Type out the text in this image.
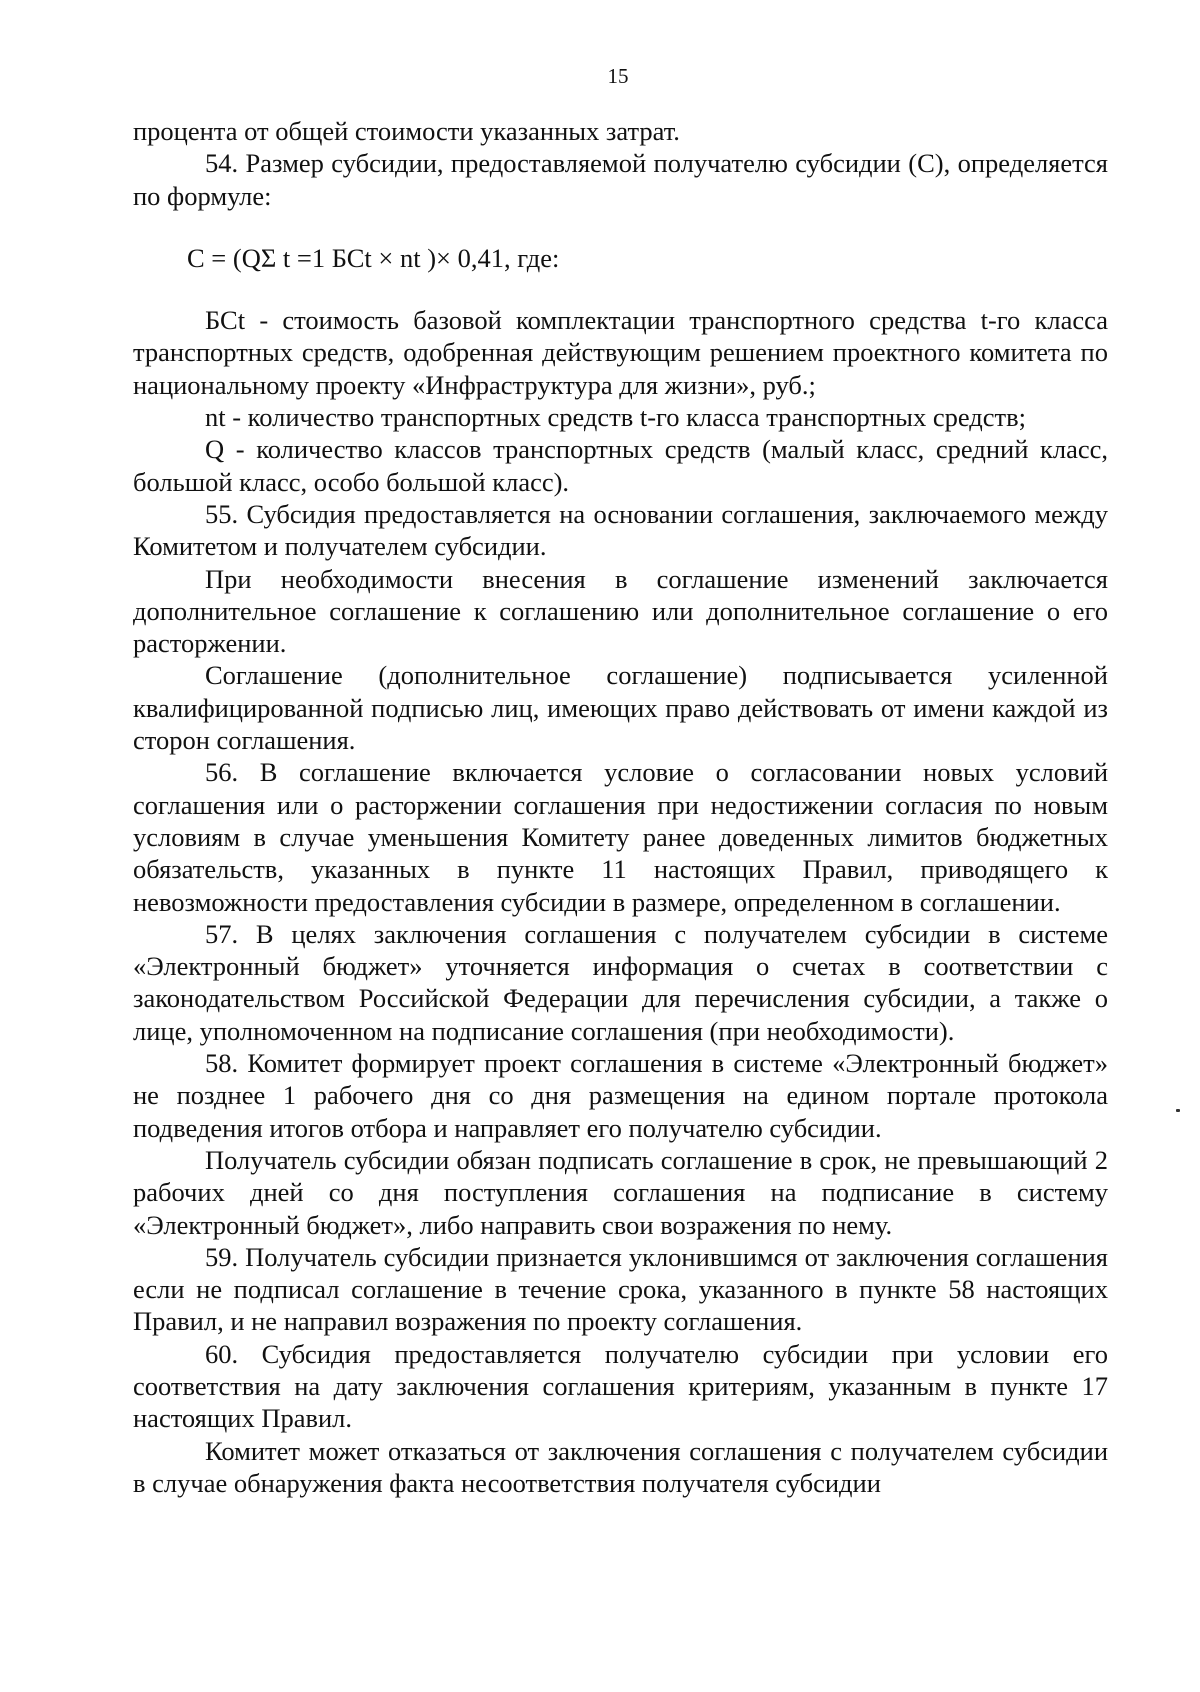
15

процента от общей стоимости указанных затрат.

54. Размер субсидии, предоставляемой получателю субсидии (С), определяется по формуле:

С = (QΣ t =1 БСt × nt )× 0,41, где:

БСt - стоимость базовой комплектации транспортного средства t-го класса транспортных средств, одобренная действующим решением проектного комитета по национальному проекту «Инфраструктура для жизни», руб.;

nt - количество транспортных средств t-го класса транспортных средств;

Q - количество классов транспортных средств (малый класс, средний класс, большой класс, особо большой класс).

55. Субсидия предоставляется на основании соглашения, заключаемого между Комитетом и получателем субсидии.

При необходимости внесения в соглашение изменений заключается дополнительное соглашение к соглашению или дополнительное соглашение о его расторжении.

Соглашение (дополнительное соглашение) подписывается усиленной квалифицированной подписью лиц, имеющих право действовать от имени каждой из сторон соглашения.

56. В соглашение включается условие о согласовании новых условий соглашения или о расторжении соглашения при недостижении согласия по новым условиям в случае уменьшения Комитету ранее доведенных лимитов бюджетных обязательств, указанных в пункте 11 настоящих Правил, приводящего к невозможности предоставления субсидии в размере, определенном в соглашении.

57. В целях заключения соглашения с получателем субсидии в системе «Электронный бюджет» уточняется информация о счетах в соответствии с законодательством Российской Федерации для перечисления субсидии, а также о лице, уполномоченном на подписание соглашения (при необходимости).

58. Комитет формирует проект соглашения в системе «Электронный бюджет» не позднее 1 рабочего дня со дня размещения на едином портале протокола подведения итогов отбора и направляет его получателю субсидии.

Получатель субсидии обязан подписать соглашение в срок, не превышающий 2 рабочих дней со дня поступления соглашения на подписание в систему «Электронный бюджет», либо направить свои возражения по нему.

59. Получатель субсидии признается уклонившимся от заключения соглашения если не подписал соглашение в течение срока, указанного в пункте 58 настоящих Правил, и не направил возражения по проекту соглашения.

60. Субсидия предоставляется получателю субсидии при условии его соответствия на дату заключения соглашения критериям, указанным в пункте 17 настоящих Правил.

Комитет может отказаться от заключения соглашения с получателем субсидии в случае обнаружения факта несоответствия получателя субсидии
